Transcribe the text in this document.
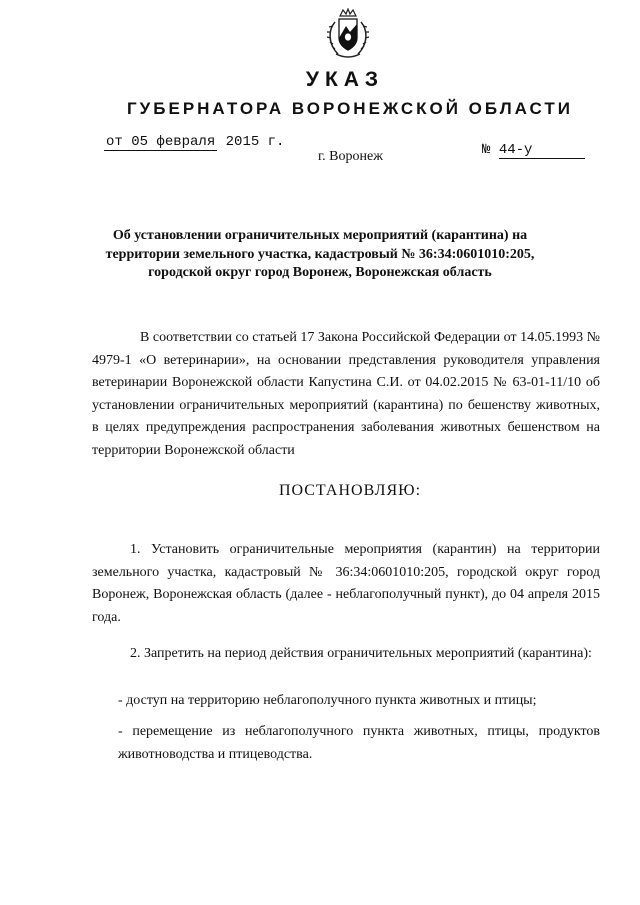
УКАЗ
ГУБЕРНАТОРА ВОРОНЕЖСКОЙ ОБЛАСТИ
от 05 февраля 2015 г.	№ 44-у
г. Воронеж
Об установлении ограничительных мероприятий (карантина) на территории земельного участка, кадастровый № 36:34:0601010:205, городской округ город Воронеж, Воронежская область
В соответствии со статьей 17 Закона Российской Федерации от 14.05.1993 № 4979-1 «О ветеринарии», на основании представления руководителя управления ветеринарии Воронежской области Капустина С.И. от 04.02.2015 № 63-01-11/10 об установлении ограничительных мероприятий (карантина) по бешенству животных, в целях предупреждения распространения заболевания животных бешенством на территории Воронежской области
ПОСТАНОВЛЯЮ:
1. Установить ограничительные мероприятия (карантин) на территории земельного участка, кадастровый № 36:34:0601010:205, городской округ город Воронеж, Воронежская область (далее - неблагополучный пункт), до 04 апреля 2015 года.
2. Запретить на период действия ограничительных мероприятий (карантина):
- доступ на территорию неблагополучного пункта животных и птицы;
- перемещение из неблагополучного пункта животных, птицы, продуктов животноводства и птицеводства.
